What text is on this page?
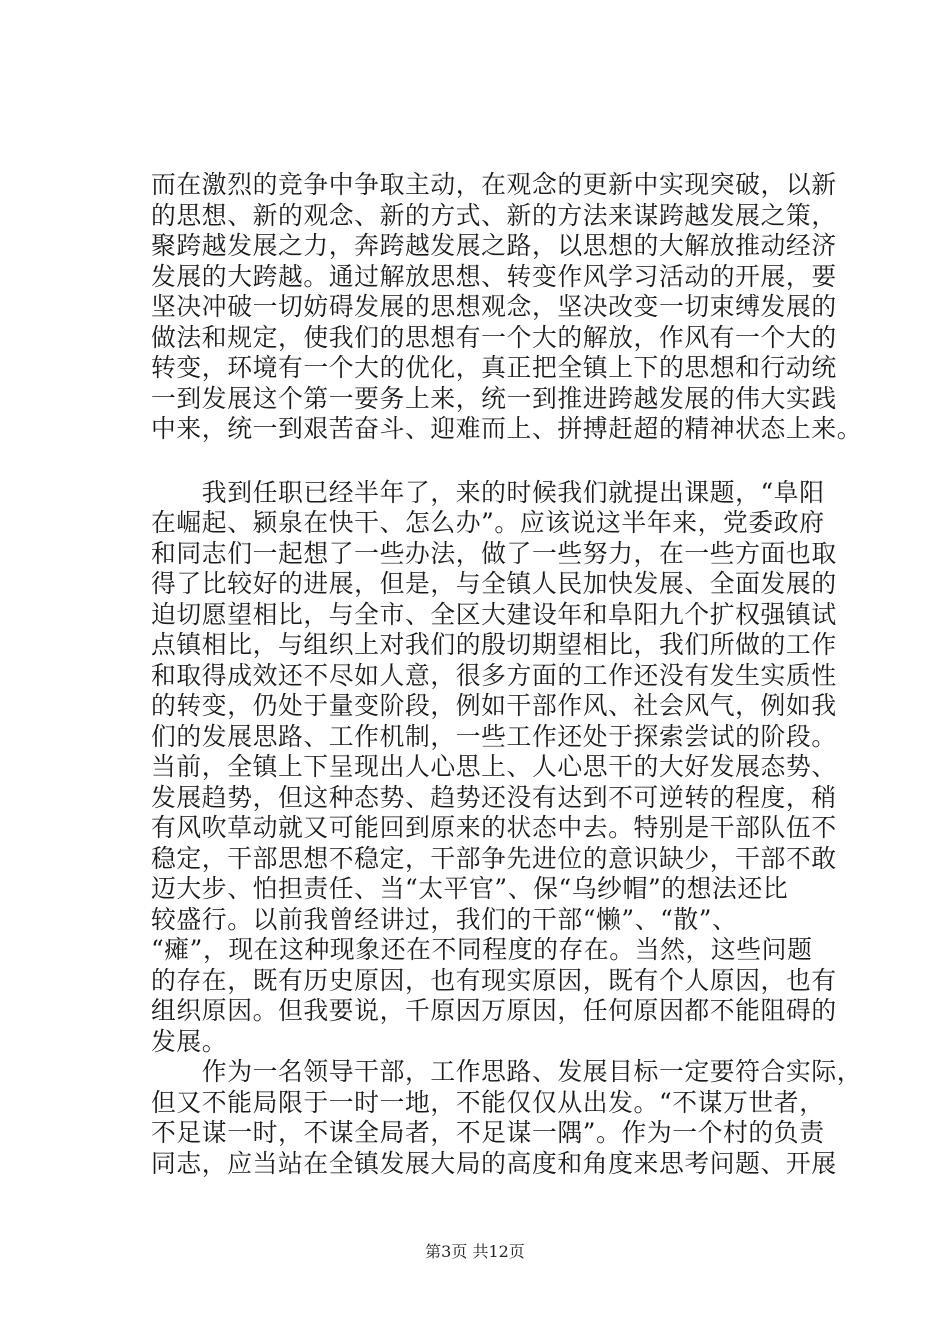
而在激烈的竞争中争取主动，在观念的更新中实现突破，以新
的思想、新的观念、新的方式、新的方法来谋跨越发展之策，
聚跨越发展之力，奔跨越发展之路，以思想的大解放推动经济
发展的大跨越。通过解放思想、转变作风学习活动的开展，要
坚决冲破一切妨碍发展的思想观念，坚决改变一切束缚发展的
做法和规定，使我们的思想有一个大的解放，作风有一个大的
转变，环境有一个大的优化，真正把全镇上下的思想和行动统
一到发展这个第一要务上来，统一到推进跨越发展的伟大实践
中来，统一到艰苦奋斗、迎难而上、拼搏赶超的精神状态上来。
　　我到任职已经半年了，来的时候我们就提出课题，“阜阳
在崛起、颍泉在快干、怎么办”。应该说这半年来，党委政府
和同志们一起想了一些办法，做了一些努力，在一些方面也取
得了比较好的进展，但是，与全镇人民加快发展、全面发展的
迫切愿望相比，与全市、全区大建设年和阜阳九个扩权强镇试
点镇相比，与组织上对我们的殷切期望相比，我们所做的工作
和取得成效还不尽如人意，很多方面的工作还没有发生实质性
的转变，仍处于量变阶段，例如干部作风、社会风气，例如我
们的发展思路、工作机制，一些工作还处于探索尝试的阶段。
当前，全镇上下呈现出人心思上、人心思干的大好发展态势、
发展趋势，但这种态势、趋势还没有达到不可逆转的程度，稍
有风吹草动就又可能回到原来的状态中去。特别是干部队伍不
稳定，干部思想不稳定，干部争先进位的意识缺少，干部不敢
迈大步、怕担责任、当“太平官”、保“乌纱帽”的想法还比
较盛行。以前我曾经讲过，我们的干部“懒”、“散”、
“瘫”，现在这种现象还在不同程度的存在。当然，这些问题
的存在，既有历史原因，也有现实原因，既有个人原因，也有
组织原因。但我要说，千原因万原因，任何原因都不能阻碍的
发展。
　　作为一名领导干部，工作思路、发展目标一定要符合实际，
但又不能局限于一时一地，不能仅仅从出发。“不谋万世者，
不足谋一时，不谋全局者，不足谋一隅”。作为一个村的负责
同志，应当站在全镇发展大局的高度和角度来思考问题、开展
第3页 共12页
